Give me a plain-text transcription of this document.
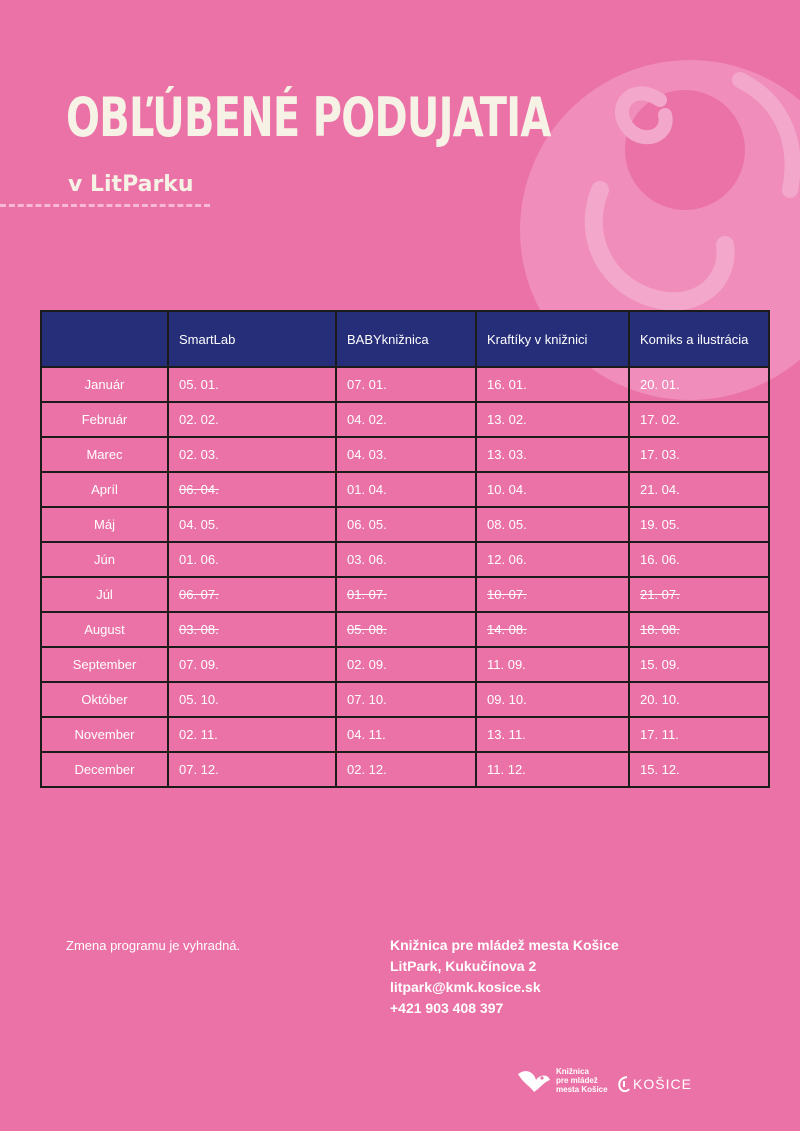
OBĽÚBENÉ PODUJATIA
v LitParku
	SmartLab	BABYknižnica	Kraftíky v knižnici	Komiks a ilustrácia
Január	05. 01.	07. 01.	16. 01.	20. 01.
Február	02. 02.	04. 02.	13. 02.	17. 02.
Marec	02. 03.	04. 03.	13. 03.	17. 03.
Apríl	06. 04.	01. 04.	10. 04.	21. 04.
Máj	04. 05.	06. 05.	08. 05.	19. 05.
Jún	01. 06.	03. 06.	12. 06.	16. 06.
Júl	06. 07.	01. 07.	10. 07.	21. 07.
August	03. 08.	05. 08.	14. 08.	18. 08.
September	07. 09.	02. 09.	11. 09.	15. 09.
Október	05. 10.	07. 10.	09. 10.	20. 10.
November	02. 11.	04. 11.	13. 11.	17. 11.
December	07. 12.	02. 12.	11. 12.	15. 12.

Zmena programu je vyhradná.	Knižnica pre mládež mesta Košice
LitPark, Kukučínova 2
litpark@kmk.kosice.sk
+421 903 408 397
Knižnica
pre mládež
mesta Košice KOŠICE
